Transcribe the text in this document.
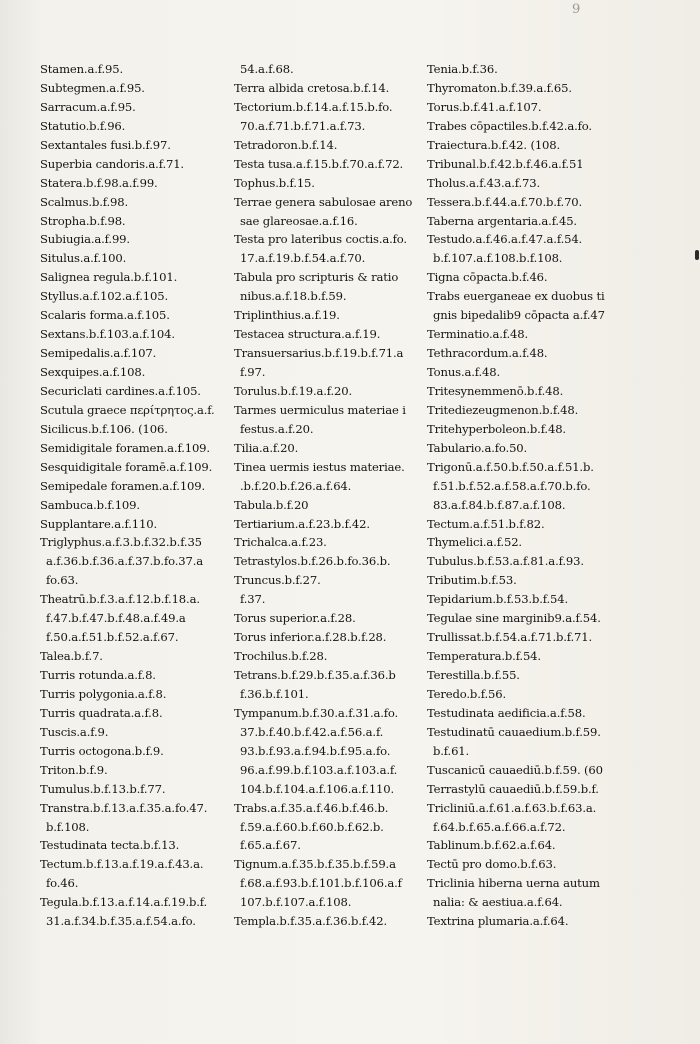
9
Stamen.a.f.95.
Subtegmen.a.f.95.
Sarracum.a.f.95.
Statutio.b.f.96.
Sextantales fusi.b.f.97.
Superbia candoris.a.f.71.
Statera.b.f.98.a.f.99.
Scalmus.b.f.98.
Stropha.b.f.98.
Subiugia.a.f.99.
Situlus.a.f.100.
Salignea regula.b.f.101.
Styllus.a.f.102.a.f.105.
Scalaris forma.a.f.105.
Sextans.b.f.103.a.f.104.
Semipedalis.a.f.107.
Sexquipes.a.f.108.
Securiclati cardines.a.f.105.
Scutula graece περίτρητος.a.f.
Sicilicus.b.f.106. (106.
Semidigitale foramen.a.f.109.
Sesquidigitale foramē.a.f.109.
Semipedale foramen.a.f.109.
Sambuca.b.f.109.
Supplantare.a.f.110.
Triglyphus.a.f.3.b.f.32.b.f.35
a.f.36.b.f.36.a.f.37.b.fo.37.a
fo.63.
Theatrū.b.f.3.a.f.12.b.f.18.a.
f.47.b.f.47.b.f.48.a.f.49.a
f.50.a.f.51.b.f.52.a.f.67.
Talea.b.f.7.
Turris rotunda.a.f.8.
Turris polygonia.a.f.8.
Turris quadrata.a.f.8.
Tuscis.a.f.9.
Turris octogona.b.f.9.
Triton.b.f.9.
Tumulus.b.f.13.b.f.77.
Transtra.b.f.13.a.f.35.a.fo.47.
b.f.108.
Testudinata tecta.b.f.13.
Tectum.b.f.13.a.f.19.a.f.43.a.
fo.46.
Tegula.b.f.13.a.f.14.a.f.19.b.f.
31.a.f.34.b.f.35.a.f.54.a.fo.
54.a.f.68.
Terra albida cretosa.b.f.14.
Tectorium.b.f.14.a.f.15.b.fo.
70.a.f.71.b.f.71.a.f.73.
Tetradoron.b.f.14.
Testa tusa.a.f.15.b.f.70.a.f.72.
Tophus.b.f.15.
Terrae genera sabulosae areno
sae glareosae.a.f.16.
Testa pro lateribus coctis.a.fo.
17.a.f.19.b.f.54.a.f.70.
Tabula pro scripturis & ratio
nibus.a.f.18.b.f.59.
Triplinthius.a.f.19.
Testacea structura.a.f.19.
Transuersarius.b.f.19.b.f.71.a
f.97.
Torulus.b.f.19.a.f.20.
Tarmes uermiculus materiae i
festus.a.f.20.
Tilia.a.f.20.
Tinea uermis iestus materiae.
.b.f.20.b.f.26.a.f.64.
Tabula.b.f.20
Tertiarium.a.f.23.b.f.42.
Trichalca.a.f.23.
Tetrastylos.b.f.26.b.fo.36.b.
Truncus.b.f.27.
f.37.
Torus superior.a.f.28.
Torus inferior.a.f.28.b.f.28.
Trochilus.b.f.28.
Tetrans.b.f.29.b.f.35.a.f.36.b
f.36.b.f.101.
Tympanum.b.f.30.a.f.31.a.fo.
37.b.f.40.b.f.42.a.f.56.a.f.
93.b.f.93.a.f.94.b.f.95.a.fo.
96.a.f.99.b.f.103.a.f.103.a.f.
104.b.f.104.a.f.106.a.f.110.
Trabs.a.f.35.a.f.46.b.f.46.b.
f.59.a.f.60.b.f.60.b.f.62.b.
f.65.a.f.67.
Tignum.a.f.35.b.f.35.b.f.59.a
f.68.a.f.93.b.f.101.b.f.106.a.f
107.b.f.107.a.f.108.
Templa.b.f.35.a.f.36.b.f.42.
Tenia.b.f.36.
Thyromaton.b.f.39.a.f.65.
Torus.b.f.41.a.f.107.
Trabes cōpactiles.b.f.42.a.fo.
Traiectura.b.f.42. (108.
Tribunal.b.f.42.b.f.46.a.f.51
Tholus.a.f.43.a.f.73.
Tessera.b.f.44.a.f.70.b.f.70.
Taberna argentaria.a.f.45.
Testudo.a.f.46.a.f.47.a.f.54.
b.f.107.a.f.108.b.f.108.
Tigna cōpacta.b.f.46.
Trabs euerganeae ex duobus ti
gnis bipedalib9 cōpacta a.f.47
Terminatio.a.f.48.
Tethracordum.a.f.48.
Tonus.a.f.48.
Tritesynemmenō.b.f.48.
Tritediezeugmenon.b.f.48.
Tritehyperboleon.b.f.48.
Tabulario.a.fo.50.
Trigonū.a.f.50.b.f.50.a.f.51.b.
f.51.b.f.52.a.f.58.a.f.70.b.fo.
83.a.f.84.b.f.87.a.f.108.
Tectum.a.f.51.b.f.82.
Thymelici.a.f.52.
Tubulus.b.f.53.a.f.81.a.f.93.
Tributim.b.f.53.
Tepidarium.b.f.53.b.f.54.
Tegulae sine marginib9.a.f.54.
Trullissat.b.f.54.a.f.71.b.f.71.
Temperatura.b.f.54.
Terestilla.b.f.55.
Teredo.b.f.56.
Testudinata aedificia.a.f.58.
Testudinatū cauaedium.b.f.59.
b.f.61.
Tuscanicū cauaediū.b.f.59. (60
Terrastylū cauaediū.b.f.59.b.f.
Tricliniū.a.f.61.a.f.63.b.f.63.a.
f.64.b.f.65.a.f.66.a.f.72.
Tablinum.b.f.62.a.f.64.
Tectū pro domo.b.f.63.
Triclinia hiberna uerna autum
nalia: & aestiua.a.f.64.
Textrina plumaria.a.f.64.
